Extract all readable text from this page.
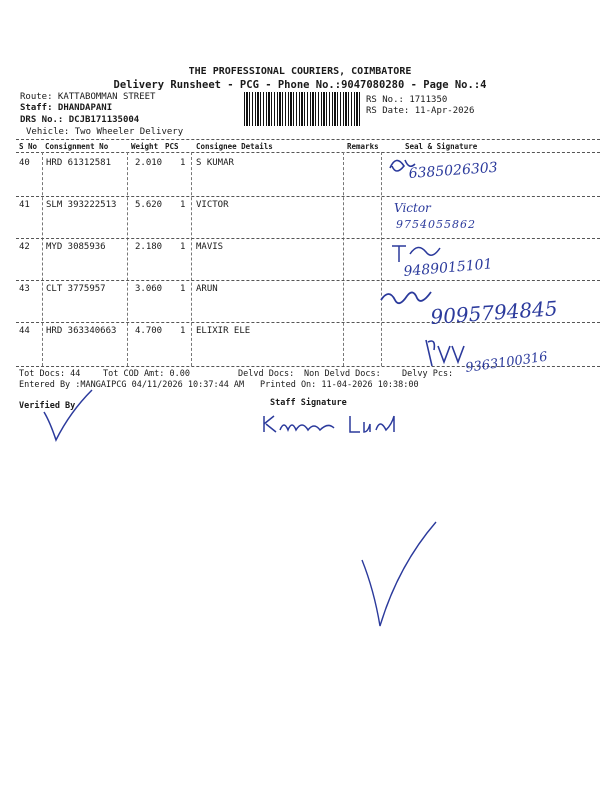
THE PROFESSIONAL COURIERS, COIMBATORE
Delivery Runsheet - PCG - Phone No.:9047080280 - Page No.:4
Route: KATTABOMMAN STREET
Staff: DHANDAPANI
DRS No.: DCJB171135004
Vehicle: Two Wheeler Delivery
RS No.: 1711350
RS Date: 11-Apr-2026
S No Consignment No	Weight PCS Consignee Details	Remarks	Seal & Signature
40 HRD 61312581	2.010 1 S KUMAR
41 SLM 393222513 5.620 1 VICTOR
42 MYD 3085936	2.180 1 MAVIS
43 CLT 3775957	3.060 1 ARUN
44 HRD 363340663 4.700 1 ELIXIR ELE
6385026303
Victor
9754055862
9489015101
9095794845
9363100316
Tot Docs: 44	Tot COD Amt: 0.00	Delvd Docs: Non Delvd Docs: Delvy Pcs:
Entered By :MANGAIPCG 04/11/2026 10:37:44 AM Printed On: 11-04-2026 10:38:00
Verified By	Staff Signature
